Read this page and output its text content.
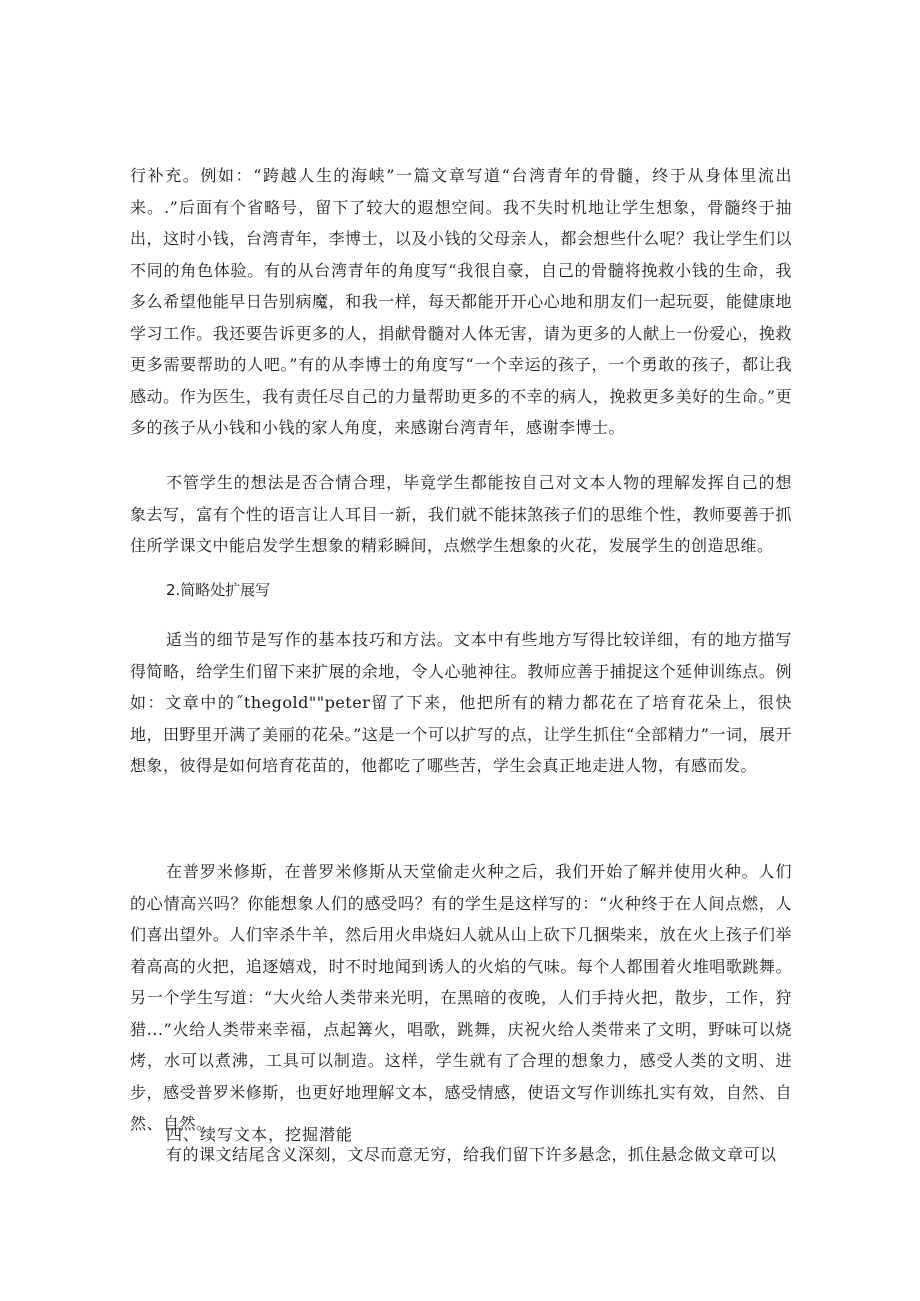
行补充。例如：“跨越人生的海峡”一篇文章写道“台湾青年的骨髓，终于从身体里流出来。.”后面有个省略号，留下了较大的遐想空间。我不失时机地让学生想象，骨髓终于抽出，这时小钱，台湾青年，李博士，以及小钱的父母亲人，都会想些什么呢？我让学生们以不同的角色体验。有的从台湾青年的角度写“我很自豪，自己的骨髓将挽救小钱的生命，我多么希望他能早日告别病魔，和我一样，每天都能开开心心地和朋友们一起玩耍，能健康地学习工作。我还要告诉更多的人，捐献骨髓对人体无害，请为更多的人献上一份爱心，挽救更多需要帮助的人吧。”有的从李博士的角度写“一个幸运的孩子，一个勇敢的孩子，都让我感动。作为医生，我有责任尽自己的力量帮助更多的不幸的病人，挽救更多美好的生命。”更多的孩子从小钱和小钱的家人角度，来感谢台湾青年，感谢李博士。

不管学生的想法是否合情合理，毕竟学生都能按自己对文本人物的理解发挥自己的想象去写，富有个性的语言让人耳目一新，我们就不能抹煞孩子们的思维个性，教师要善于抓住所学课文中能启发学生想象的精彩瞬间，点燃学生想象的火花，发展学生的创造思维。

2.简略处扩展写

适当的细节是写作的基本技巧和方法。文本中有些地方写得比较详细，有的地方描写得简略，给学生们留下来扩展的余地，令人心驰神往。教师应善于捕捉这个延伸训练点。例如：文章中的˝thegold""peter留了下来，他把所有的精力都花在了培育花朵上，很快地，田野里开满了美丽的花朵。”这是一个可以扩写的点，让学生抓住“全部精力”一词，展开想象，彼得是如何培育花苗的，他都吃了哪些苦，学生会真正地走进人物，有感而发。

在普罗米修斯，在普罗米修斯从天堂偷走火种之后，我们开始了解并使用火种。人们的心情高兴吗？你能想象人们的感受吗？有的学生是这样写的：“火种终于在人间点燃，人们喜出望外。人们宰杀牛羊，然后用火串烧妇人就从山上砍下几捆柴来，放在火上孩子们举着高高的火把，追逐嬉戏，时不时地闻到诱人的火焰的气味。每个人都围着火堆唱歌跳舞。另一个学生写道：“大火给人类带来光明，在黑暗的夜晚，人们手持火把，散步，工作，狩猎...”火给人类带来幸福，点起篝火，唱歌，跳舞，庆祝火给人类带来了文明，野味可以烧烤，水可以煮沸，工具可以制造。这样，学生就有了合理的想象力，感受人类的文明、进步，感受普罗米修斯，也更好地理解文本，感受情感，使语文写作训练扎实有效，自然、自然、自然。

四、续写文本，挖掘潜能

有的课文结尾含义深刻，文尽而意无穷，给我们留下许多悬念，抓住悬念做文章可以
